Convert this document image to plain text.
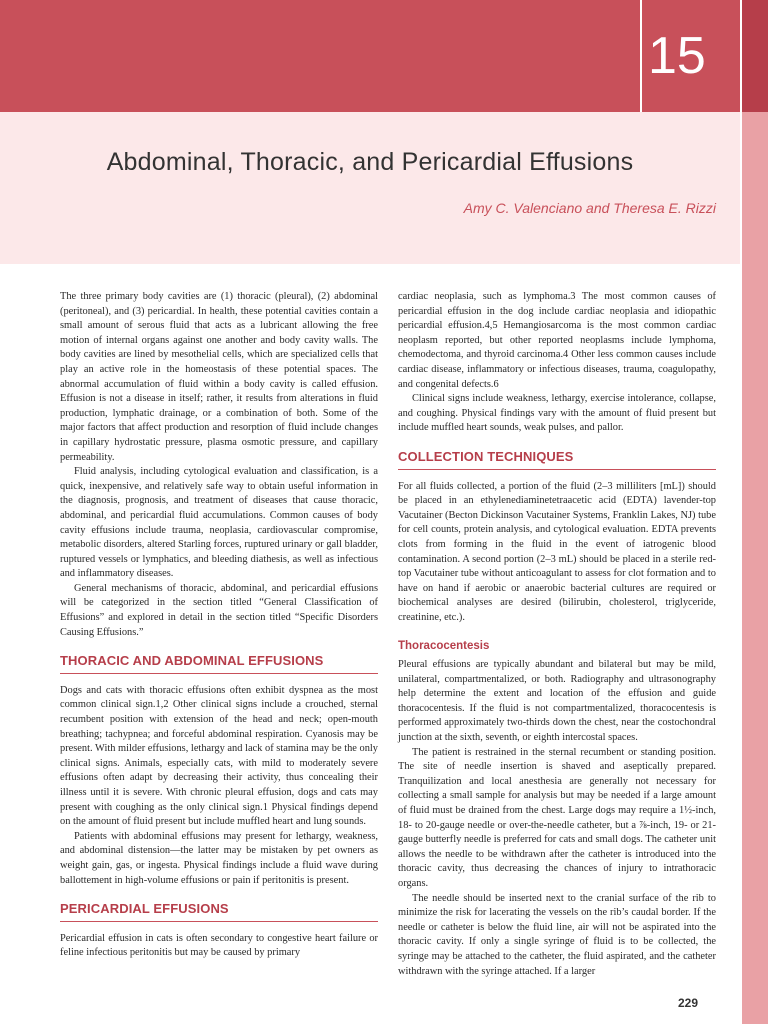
15
Abdominal, Thoracic, and Pericardial Effusions
Amy C. Valenciano and Theresa E. Rizzi

The three primary body cavities are (1) thoracic (pleural), (2) abdominal (peritoneal), and (3) pericardial. In health, these potential cavities contain a small amount of serous fluid that acts as a lubricant allowing the free motion of internal organs against one another and body cavity walls. The body cavities are lined by mesothelial cells, which are specialized cells that play an active role in the homeostasis of these potential spaces. The abnormal accumulation of fluid within a body cavity is called effusion. Effusion is not a disease in itself; rather, it results from alterations in fluid production, lymphatic drainage, or a combination of both. Some of the major factors that affect production and resorption of fluid include changes in capillary hydrostatic pressure, plasma osmotic pressure, and capillary permeability.

Fluid analysis, including cytological evaluation and classification, is a quick, inexpensive, and relatively safe way to obtain useful information in the diagnosis, prognosis, and treatment of diseases that cause thoracic, abdominal, and pericardial fluid accumulations. Common causes of body cavity effusions include trauma, neoplasia, cardiovascular compromise, metabolic disorders, altered Starling forces, ruptured urinary or gall bladder, ruptured vessels or lymphatics, and bleeding diathesis, as well as infectious and inflammatory diseases.

General mechanisms of thoracic, abdominal, and pericardial effusions will be categorized in the section titled “General Classification of Effusions” and explored in detail in the section titled “Specific Disorders Causing Effusions.”

THORACIC AND ABDOMINAL EFFUSIONS

Dogs and cats with thoracic effusions often exhibit dyspnea as the most common clinical sign.1,2 Other clinical signs include a crouched, sternal recumbent position with extension of the head and neck; open-mouth breathing; tachypnea; and forceful abdominal respiration. Cyanosis may be present. With milder effusions, lethargy and lack of stamina may be the only clinical signs. Animals, especially cats, with mild to moderately severe effusions often adapt by decreasing their activity, thus concealing their illness until it is severe. With chronic pleural effusion, dogs and cats may present with coughing as the only clinical sign.1 Physical findings depend on the amount of fluid present but include muffled heart and lung sounds.

Patients with abdominal effusions may present for lethargy, weakness, and abdominal distension—the latter may be mistaken by pet owners as weight gain, gas, or ingesta. Physical findings include a fluid wave during ballottement in high-volume effusions or pain if peritonitis is present.

PERICARDIAL EFFUSIONS

Pericardial effusion in cats is often secondary to congestive heart failure or feline infectious peritonitis but may be caused by primary

cardiac neoplasia, such as lymphoma.3 The most common causes of pericardial effusion in the dog include cardiac neoplasia and idiopathic pericardial effusion.4,5 Hemangiosarcoma is the most common cardiac neoplasm reported, but other reported neoplasms include lymphoma, chemodectoma, and thyroid carcinoma.4 Other less common causes include cardiac disease, inflammatory or infectious diseases, trauma, coagulopathy, and congenital defects.6

Clinical signs include weakness, lethargy, exercise intolerance, collapse, and coughing. Physical findings vary with the amount of fluid present but include muffled heart sounds, weak pulses, and pallor.

COLLECTION TECHNIQUES

For all fluids collected, a portion of the fluid (2–3 milliliters [mL]) should be placed in an ethylenediaminetetraacetic acid (EDTA) lavender-top Vacutainer (Becton Dickinson Vacutainer Systems, Franklin Lakes, NJ) tube for cell counts, protein analysis, and cytological evaluation. EDTA prevents clots from forming in the fluid in the event of iatrogenic blood contamination. A second portion (2–3 mL) should be placed in a sterile red-top Vacutainer tube without anticoagulant to assess for clot formation and to have on hand if aerobic or anaerobic bacterial cultures are required or biochemical analyses are desired (bilirubin, cholesterol, triglyceride, creatinine, etc.).

Thoracocentesis

Pleural effusions are typically abundant and bilateral but may be mild, unilateral, compartmentalized, or both. Radiography and ultrasonography help determine the extent and location of the effusion and guide thoracocentesis. If the fluid is not compartmentalized, thoracocentesis is performed approximately two-thirds down the chest, near the costochondral junction at the sixth, seventh, or eighth intercostal spaces.

The patient is restrained in the sternal recumbent or standing position. The site of needle insertion is shaved and aseptically prepared. Tranquilization and local anesthesia are generally not necessary for collecting a small sample for analysis but may be needed if a large amount of fluid must be drained from the chest. Large dogs may require a 1½-inch, 18- to 20-gauge needle or over-the-needle catheter, but a ⅞-inch, 19- or 21-gauge butterfly needle is preferred for cats and small dogs. The catheter unit allows the needle to be withdrawn after the catheter is introduced into the thoracic cavity, thus decreasing the chances of injury to intrathoracic organs.

The needle should be inserted next to the cranial surface of the rib to minimize the risk for lacerating the vessels on the rib’s caudal border. If the needle or catheter is below the fluid line, air will not be aspirated into the thoracic cavity. If only a single syringe of fluid is to be collected, the syringe may be attached to the catheter, the fluid aspirated, and the catheter withdrawn with the syringe attached. If a larger

229
